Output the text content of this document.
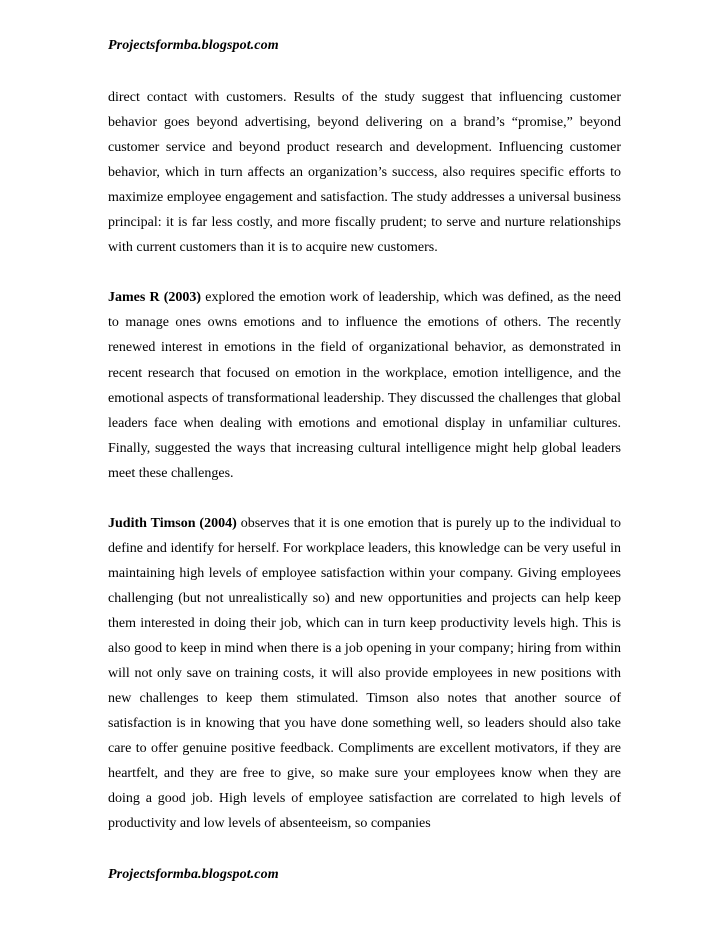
Projectsformba.blogspot.com

direct contact with customers. Results of the study suggest that influencing customer behavior goes beyond advertising, beyond delivering on a brand’s “promise,” beyond customer service and beyond product research and development. Influencing customer behavior, which in turn affects an organization’s success, also requires specific efforts to maximize employee engagement and satisfaction. The study addresses a universal business principal: it is far less costly, and more fiscally prudent; to serve and nurture relationships with current customers than it is to acquire new customers.

James R (2003) explored the emotion work of leadership, which was defined, as the need to manage ones owns emotions and to influence the emotions of others. The recently renewed interest in emotions in the field of organizational behavior, as demonstrated in recent research that focused on emotion in the workplace, emotion intelligence, and the emotional aspects of transformational leadership. They discussed the challenges that global leaders face when dealing with emotions and emotional display in unfamiliar cultures. Finally, suggested the ways that increasing cultural intelligence might help global leaders meet these challenges.

Judith Timson (2004) observes that it is one emotion that is purely up to the individual to define and identify for herself. For workplace leaders, this knowledge can be very useful in maintaining high levels of employee satisfaction within your company. Giving employees challenging (but not unrealistically so) and new opportunities and projects can help keep them interested in doing their job, which can in turn keep productivity levels high. This is also good to keep in mind when there is a job opening in your company; hiring from within will not only save on training costs, it will also provide employees in new positions with new challenges to keep them stimulated. Timson also notes that another source of satisfaction is in knowing that you have done something well, so leaders should also take care to offer genuine positive feedback. Compliments are excellent motivators, if they are heartfelt, and they are free to give, so make sure your employees know when they are doing a good job. High levels of employee satisfaction are correlated to high levels of productivity and low levels of absenteeism, so companies

Projectsformba.blogspot.com
